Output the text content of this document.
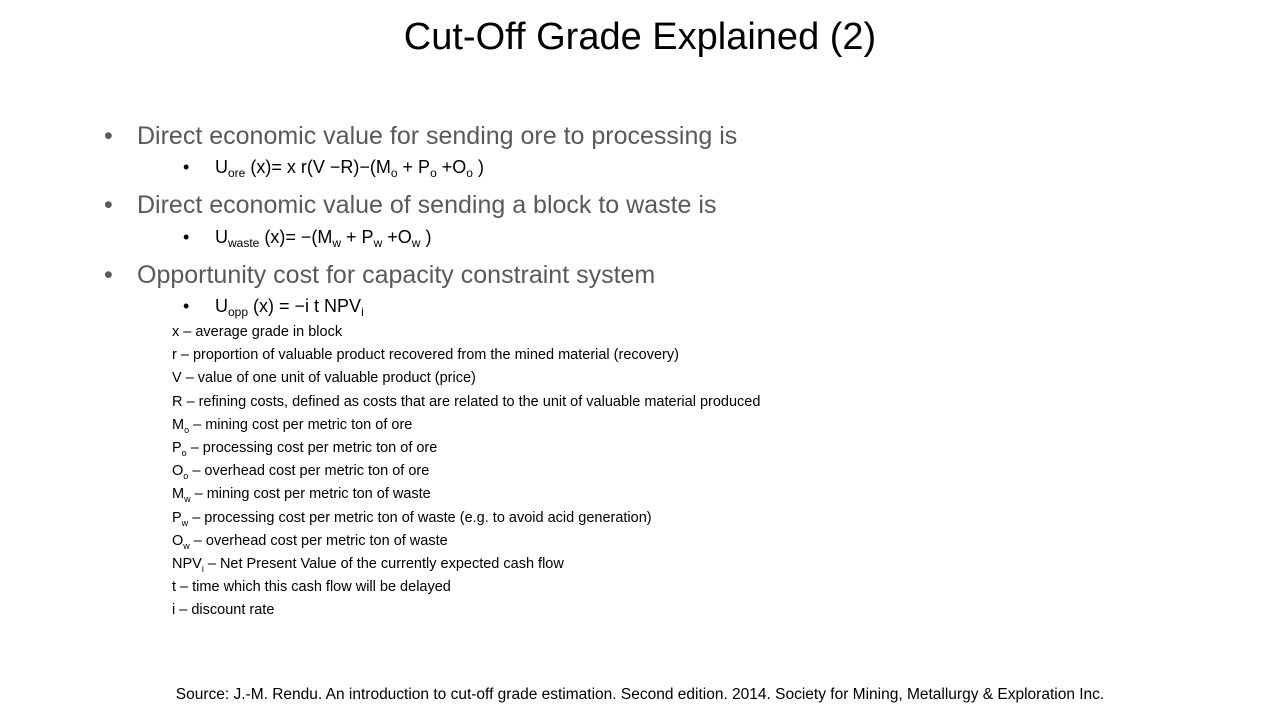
Cut-Off Grade Explained (2)
• Direct economic value for sending ore to processing is
• $U_{ore}$ (x)= x $r(V -R)-(M_o + P_o +O_o$ )
• Direct economic value of sending a block to waste is
• $U_{waste}$ $(x)= -(M_w + P_w +O_w$ )
• Opportunity cost for capacity constraint system
• $U_{opp}$ (x) = −i t $NPV_i$
x – average grade in block
r – proportion of valuable product recovered from the mined material (recovery)
V – value of one unit of valuable product (price)
R – refining costs, defined as costs that are related to the unit of valuable material produced
$M_o$ – mining cost per metric ton of ore
$P_o$ – processing cost per metric ton of ore
$O_o$ – overhead cost per metric ton of ore
$M_w$ – mining cost per metric ton of waste
$P_w$ – processing cost per metric ton of waste (e.g. to avoid acid generation)
$O_w$ – overhead cost per metric ton of waste
$NPV_i$ – Net Present Value of the currently expected cash flow
t – time which this cash flow will be delayed
i – discount rate
Source: J.-M. Rendu. An introduction to cut-off grade estimation. Second edition. 2014. Society for Mining, Metallurgy & Exploration Inc.
